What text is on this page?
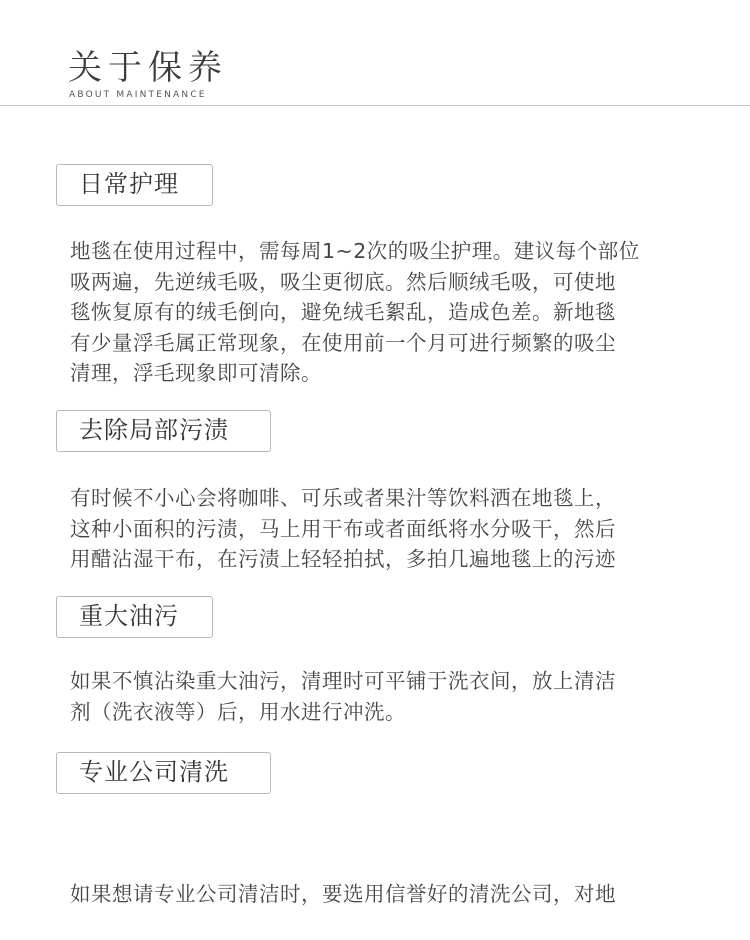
关于保养
ABOUT MAINTENANCE
日常护理
地毯在使用过程中，需每周1~2次的吸尘护理。建议每个部位
吸两遍，先逆绒毛吸，吸尘更彻底。然后顺绒毛吸，可使地
毯恢复原有的绒毛倒向，避免绒毛絮乱，造成色差。新地毯
有少量浮毛属正常现象，在使用前一个月可进行频繁的吸尘
清理，浮毛现象即可清除。
去除局部污渍
有时候不小心会将咖啡、可乐或者果汁等饮料洒在地毯上，
这种小面积的污渍，马上用干布或者面纸将水分吸干，然后
用醋沾湿干布，在污渍上轻轻拍拭，多拍几遍地毯上的污迹
重大油污
如果不慎沾染重大油污，清理时可平铺于洗衣间，放上清洁
剂（洗衣液等）后，用水进行冲洗。
专业公司清洗

如果想请专业公司清洁时，要选用信誉好的清洗公司，对地
